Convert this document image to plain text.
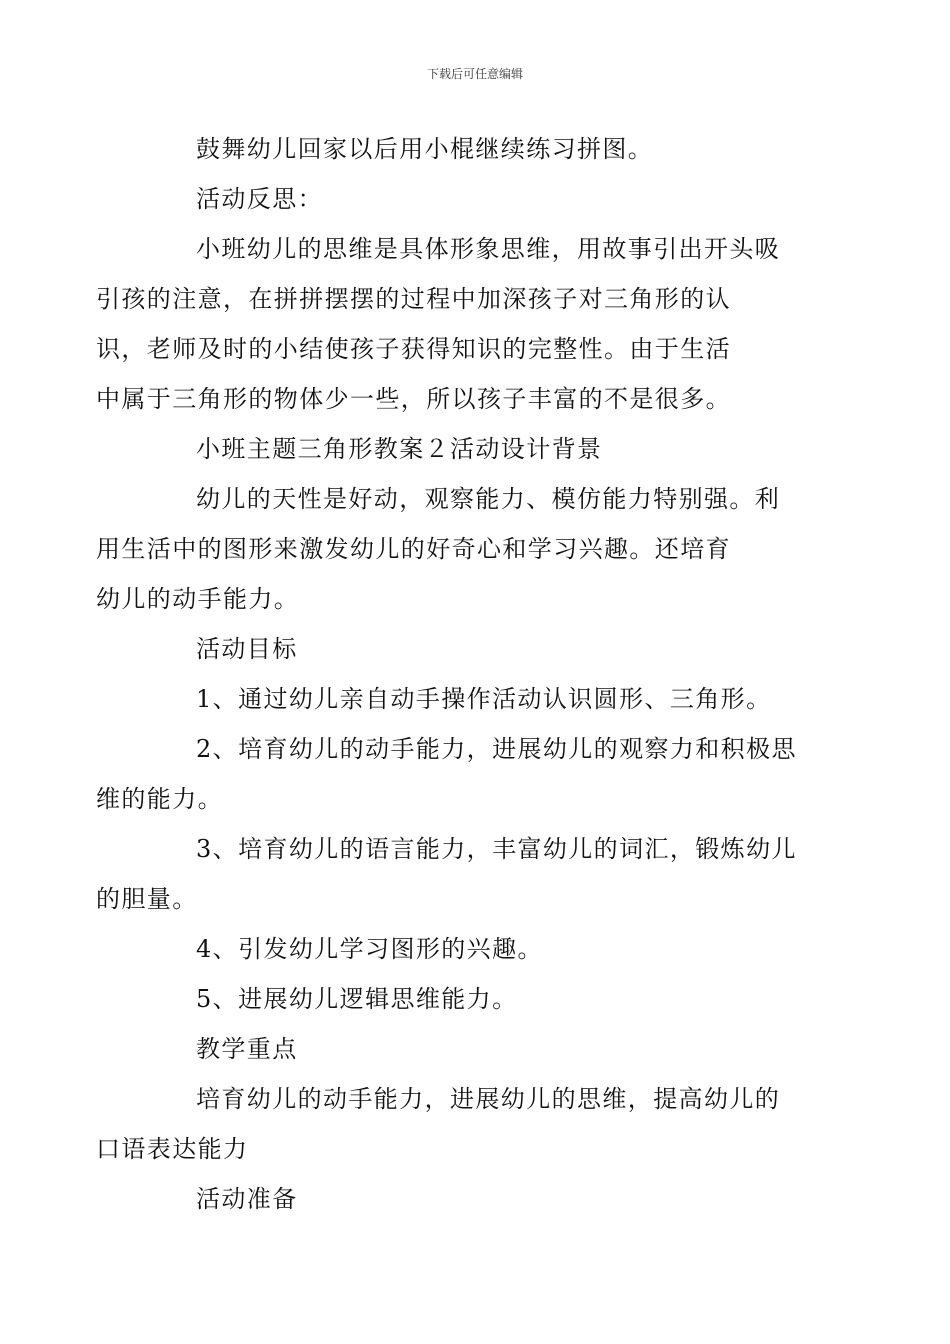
下载后可任意编辑

鼓舞幼儿回家以后用小棍继续练习拼图。

活动反思：

小班幼儿的思维是具体形象思维，用故事引出开头吸
引孩的注意，在拼拼摆摆的过程中加深孩子对三角形的认
识，老师及时的小结使孩子获得知识的完整性。由于生活
中属于三角形的物体少一些，所以孩子丰富的不是很多。

小班主题三角形教案２活动设计背景

幼儿的天性是好动，观察能力、模仿能力特别强。利
用生活中的图形来激发幼儿的好奇心和学习兴趣。还培育
幼儿的动手能力。

活动目标

1、通过幼儿亲自动手操作活动认识圆形、三角形。

2、培育幼儿的动手能力，进展幼儿的观察力和积极思
维的能力。

3、培育幼儿的语言能力，丰富幼儿的词汇，锻炼幼儿
的胆量。

4、引发幼儿学习图形的兴趣。

5、进展幼儿逻辑思维能力。

教学重点

培育幼儿的动手能力，进展幼儿的思维，提高幼儿的
口语表达能力

活动准备
